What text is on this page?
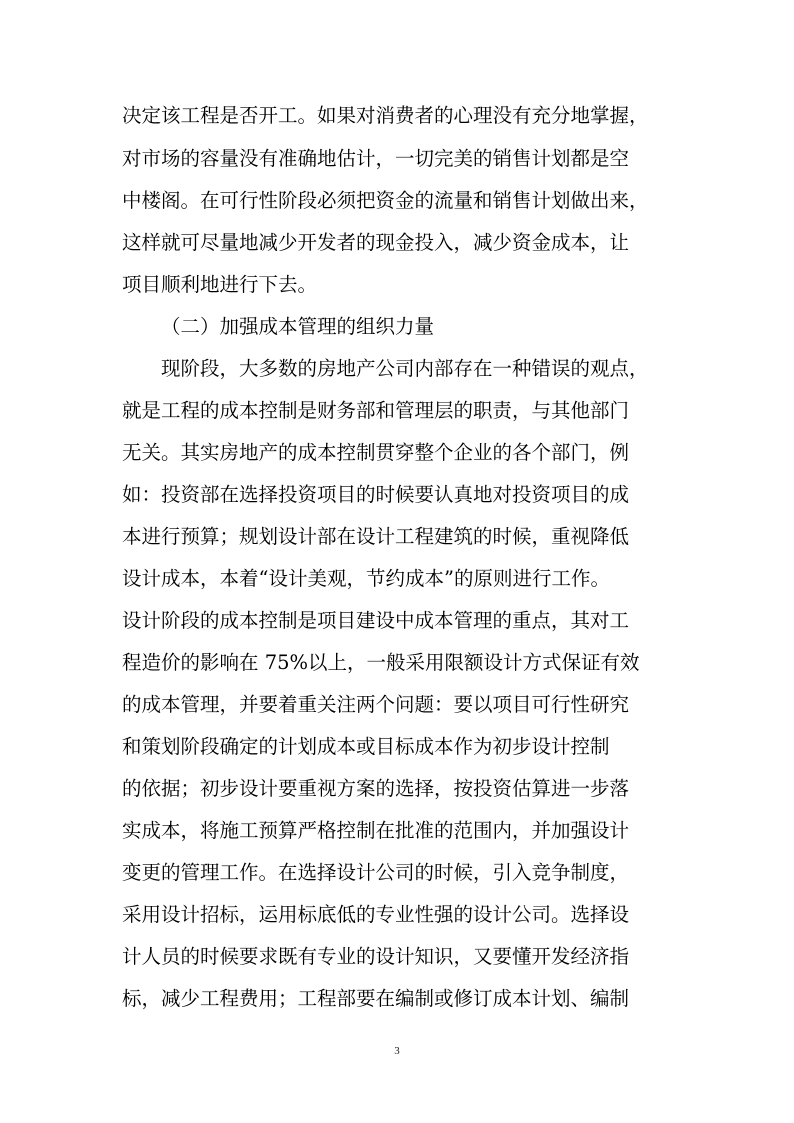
决定该工程是否开工。如果对消费者的心理没有充分地掌握，
对市场的容量没有准确地估计，一切完美的销售计划都是空
中楼阁。在可行性阶段必须把资金的流量和销售计划做出来，
这样就可尽量地减少开发者的现金投入，减少资金成本，让
项目顺利地进行下去。
（二）加强成本管理的组织力量
现阶段，大多数的房地产公司内部存在一种错误的观点，
就是工程的成本控制是财务部和管理层的职责，与其他部门
无关。其实房地产的成本控制贯穿整个企业的各个部门，例
如：投资部在选择投资项目的时候要认真地对投资项目的成
本进行预算；规划设计部在设计工程建筑的时候，重视降低
设计成本，本着“设计美观，节约成本”的原则进行工作。
设计阶段的成本控制是项目建设中成本管理的重点，其对工
程造价的影响在 75%以上，一般采用限额设计方式保证有效
的成本管理，并要着重关注两个问题：要以项目可行性研究
和策划阶段确定的计划成本或目标成本作为初步设计控制
的依据；初步设计要重视方案的选择，按投资估算进一步落
实成本，将施工预算严格控制在批准的范围内，并加强设计
变更的管理工作。在选择设计公司的时候，引入竞争制度，
采用设计招标，运用标底低的专业性强的设计公司。选择设
计人员的时候要求既有专业的设计知识，又要懂开发经济指
标，减少工程费用；工程部要在编制或修订成本计划、编制
3
